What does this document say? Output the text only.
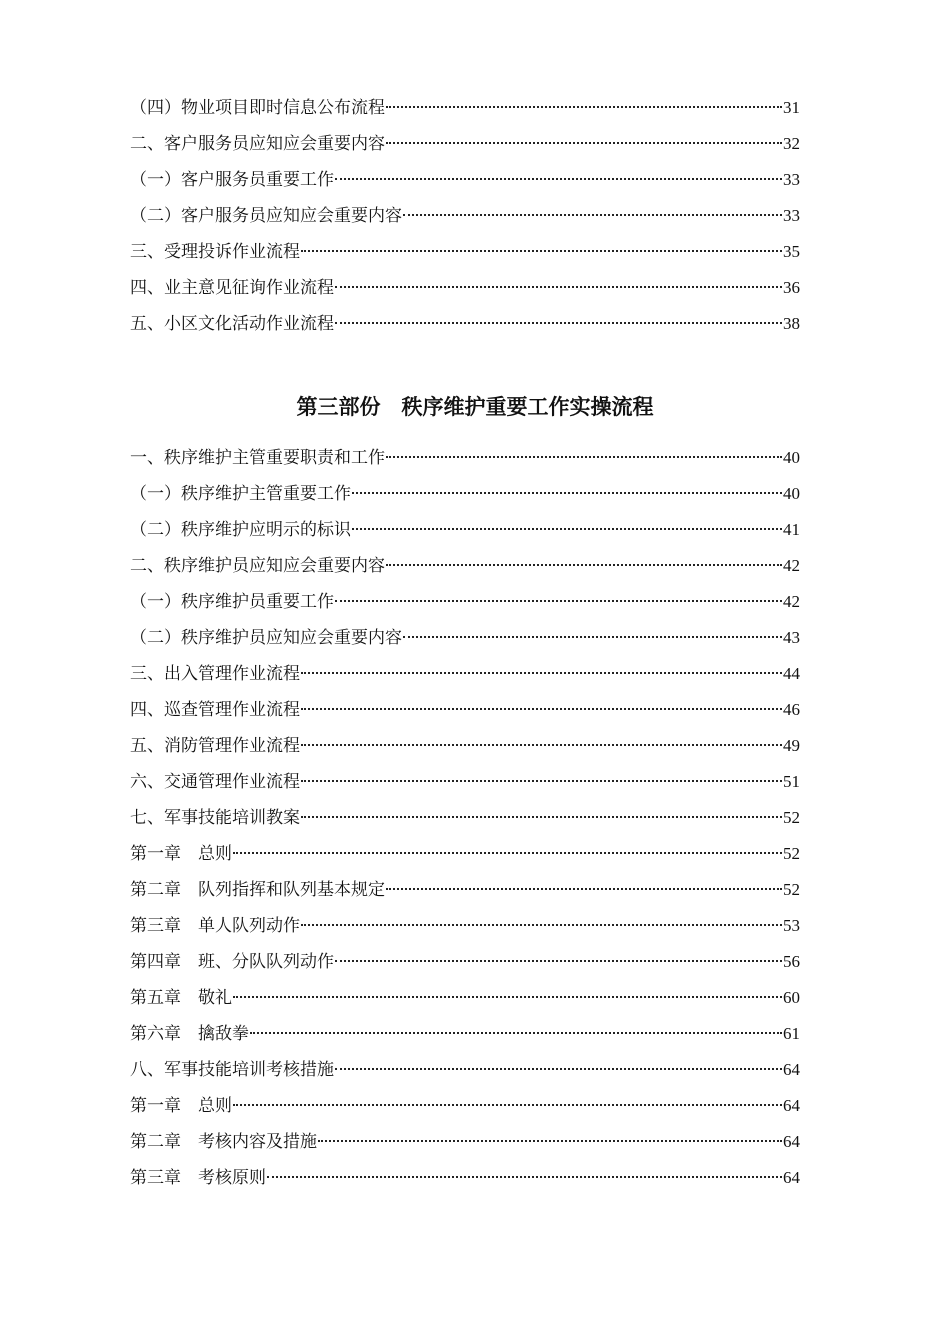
（四）物业项目即时信息公布流程	31
二、客户服务员应知应会重要内容	32
（一）客户服务员重要工作	33
（二）客户服务员应知应会重要内容	33
三、受理投诉作业流程	35
四、业主意见征询作业流程	36
五、小区文化活动作业流程	38
第三部份　秩序维护重要工作实操流程
一、秩序维护主管重要职责和工作	40
（一）秩序维护主管重要工作	40
（二）秩序维护应明示的标识	41
二、秩序维护员应知应会重要内容	42
（一）秩序维护员重要工作	42
（二）秩序维护员应知应会重要内容	43
三、出入管理作业流程	44
四、巡查管理作业流程	46
五、消防管理作业流程	49
六、交通管理作业流程	51
七、军事技能培训教案	52
第一章　总则	52
第二章　队列指挥和队列基本规定	52
第三章　单人队列动作	53
第四章　班、分队队列动作	56
第五章　敬礼	60
第六章　擒敌拳	61
八、军事技能培训考核措施	64
第一章　总则	64
第二章　考核内容及措施	64
第三章　考核原则	64
